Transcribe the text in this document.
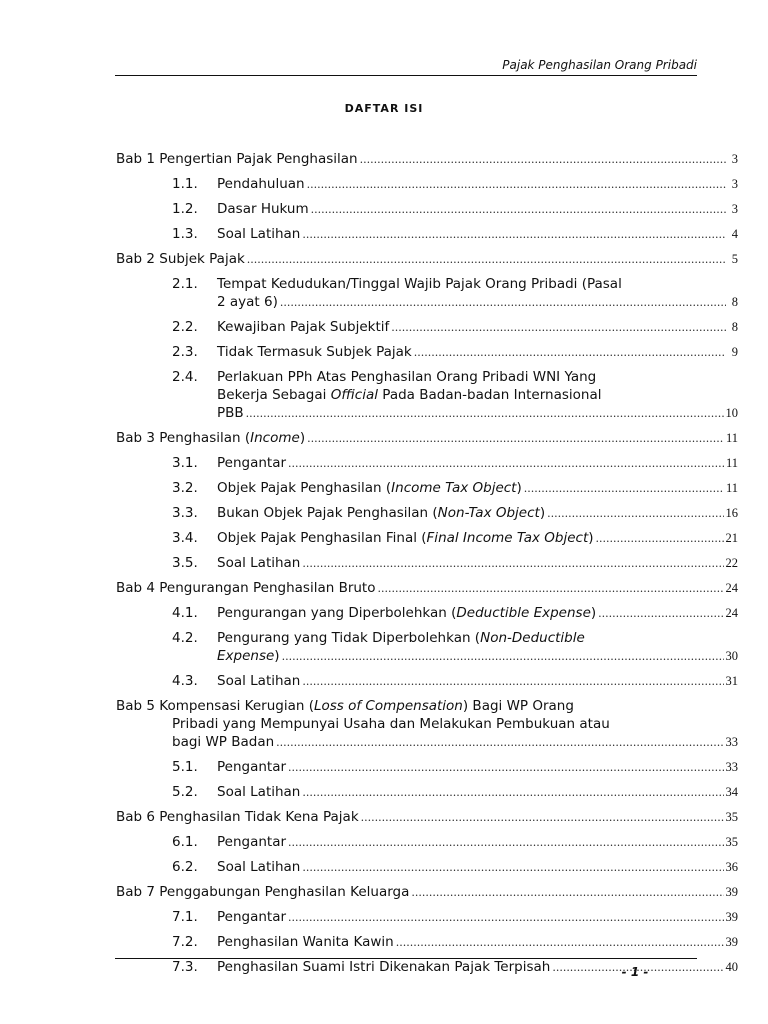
Pajak Penghasilan Orang Pribadi
DAFTAR ISI
Bab 1 Pengertian Pajak Penghasilan .....	3
1.1.	Pendahuluan .....	3
1.2.	Dasar Hukum .....	3
1.3.	Soal Latihan .....	4
Bab 2 Subjek Pajak .....	5
2.1.	Tempat Kedudukan/Tinggal Wajib Pajak Orang Pribadi (Pasal
2 ayat 6) .....	8
2.2.	Kewajiban Pajak Subjektif .....	8
2.3.	Tidak Termasuk Subjek Pajak .....	9
2.4.	Perlakuan PPh Atas Penghasilan Orang Pribadi WNI Yang
Bekerja Sebagai Official Pada Badan-badan Internasional
PBB .....	10
Bab 3 Penghasilan (Income) .....	11
3.1.	Pengantar .....	11
3.2.	Objek Pajak Penghasilan (Income Tax Object) .....	11
3.3.	Bukan Objek Pajak Penghasilan (Non-Tax Object) .....	16
3.4.	Objek Pajak Penghasilan Final (Final Income Tax Object) .....	21
3.5.	Soal Latihan .....	22
Bab 4 Pengurangan Penghasilan Bruto .....	24
4.1.	Pengurangan yang Diperbolehkan (Deductible Expense) .....	24
4.2.	Pengurang yang Tidak Diperbolehkan (Non-Deductible
Expense) .....	30
4.3.	Soal Latihan .....	31
Bab 5 Kompensasi Kerugian (Loss of Compensation) Bagi WP Orang
Pribadi yang Mempunyai Usaha dan Melakukan Pembukuan atau
bagi WP Badan .....	33
5.1.	Pengantar .....	33
5.2.	Soal Latihan .....	34
Bab 6 Penghasilan Tidak Kena Pajak .....	35
6.1.	Pengantar .....	35
6.2.	Soal Latihan .....	36
Bab 7 Penggabungan Penghasilan Keluarga .....	39
7.1.	Pengantar .....	39
7.2.	Penghasilan Wanita Kawin .....	39
7.3.	Penghasilan Suami Istri Dikenakan Pajak Terpisah .....	40
- 1 -
